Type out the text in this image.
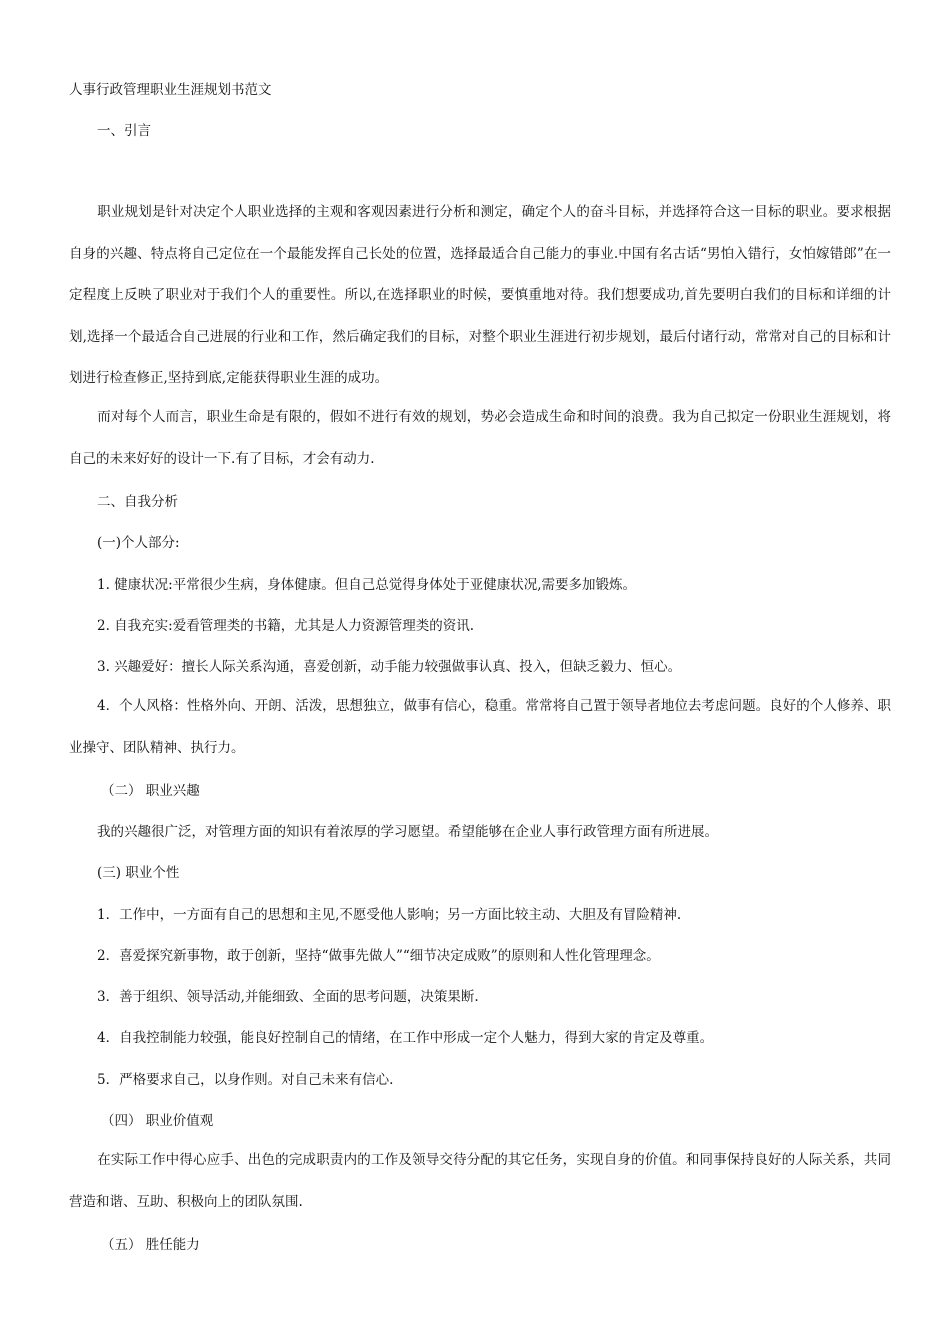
人事行政管理职业生涯规划书范文
一、引言
职业规划是针对决定个人职业选择的主观和客观因素进行分析和测定，确定个人的奋斗目标，并选择符合这一目标的职业。要求根据自身的兴趣、特点将自己定位在一个最能发挥自己长处的位置，选择最适合自己能力的事业.中国有名古话“男怕入错行，女怕嫁错郎”在一定程度上反映了职业对于我们个人的重要性。所以,在选择职业的时候，要慎重地对待。我们想要成功,首先要明白我们的目标和详细的计划,选择一个最适合自己进展的行业和工作，然后确定我们的目标，对整个职业生涯进行初步规划，最后付诸行动，常常对自己的目标和计划进行检查修正,坚持到底,定能获得职业生涯的成功。
而对每个人而言，职业生命是有限的，假如不进行有效的规划，势必会造成生命和时间的浪费。我为自己拟定一份职业生涯规划，将自己的未来好好的设计一下.有了目标，才会有动力.
二、自我分析
(一)个人部分:
1. 健康状况:平常很少生病，身体健康。但自己总觉得身体处于亚健康状况,需要多加锻炼。
2. 自我充实:爱看管理类的书籍，尤其是人力资源管理类的资讯.
3. 兴趣爱好：擅长人际关系沟通，喜爱创新，动手能力较强做事认真、投入，但缺乏毅力、恒心。
4．个人风格：性格外向、开朗、活泼，思想独立，做事有信心，稳重。常常将自己置于领导者地位去考虑问题。良好的个人修养、职业操守、团队精神、执行力。
（二） 职业兴趣
我的兴趣很广泛，对管理方面的知识有着浓厚的学习愿望。希望能够在企业人事行政管理方面有所进展。
(三) 职业个性
1．工作中，一方面有自己的思想和主见,不愿受他人影响；另一方面比较主动、大胆及有冒险精神.
2．喜爱探究新事物，敢于创新，坚持“做事先做人”“细节决定成败”的原则和人性化管理理念。
3．善于组织、领导活动,并能细致、全面的思考问题，决策果断.
4．自我控制能力较强，能良好控制自己的情绪，在工作中形成一定个人魅力，得到大家的肯定及尊重。
5．严格要求自己，以身作则。对自己未来有信心.
（四） 职业价值观
在实际工作中得心应手、出色的完成职责内的工作及领导交待分配的其它任务，实现自身的价值。和同事保持良好的人际关系，共同营造和谐、互助、积极向上的团队氛围.
（五） 胜任能力
